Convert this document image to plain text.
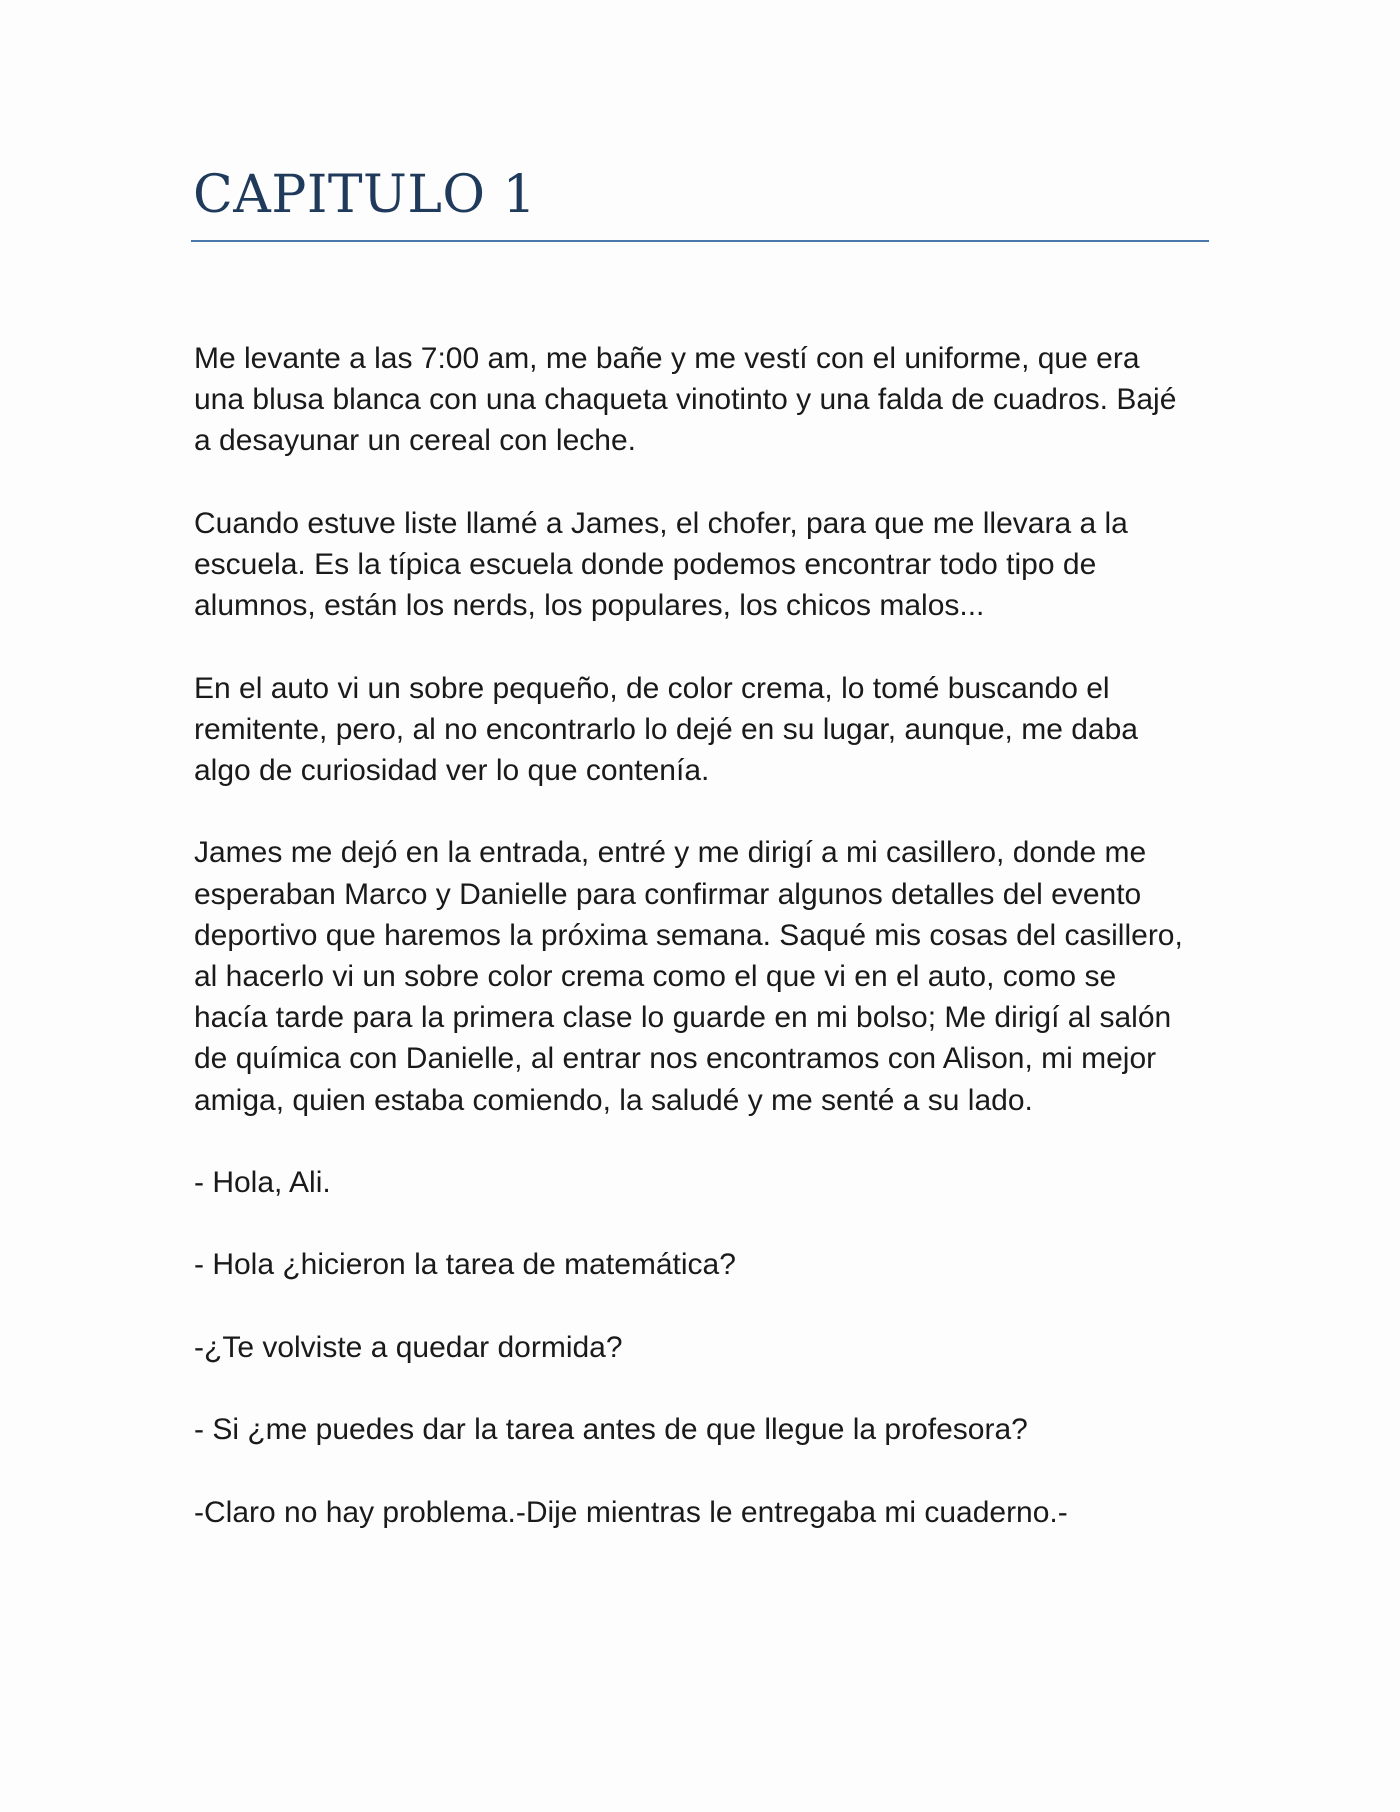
CAPITULO 1

Me levante a las 7:00 am, me bañe y me vestí con el uniforme, que era una blusa blanca con una chaqueta vinotinto y una falda de cuadros. Bajé a desayunar un cereal con leche.

Cuando estuve liste llamé a James, el chofer, para que me llevara a la escuela. Es la típica escuela donde podemos encontrar todo tipo de alumnos, están los nerds, los populares, los chicos malos...

En el auto vi un sobre pequeño, de color crema, lo tomé buscando el remitente, pero, al no encontrarlo lo dejé en su lugar, aunque, me daba algo de curiosidad ver lo que contenía.

James me dejó en la entrada, entré y me dirigí a mi casillero, donde me esperaban Marco y Danielle para confirmar algunos detalles del evento deportivo que haremos la próxima semana. Saqué mis cosas del casillero, al hacerlo vi un sobre color crema como el que vi en el auto, como se hacía tarde para la primera clase lo guarde en mi bolso; Me dirigí al salón de química con Danielle, al entrar nos encontramos con Alison, mi mejor amiga, quien estaba comiendo, la saludé y me senté a su lado.

- Hola, Ali.

- Hola ¿hicieron la tarea de matemática?

-¿Te volviste a quedar dormida?

- Si ¿me puedes dar la tarea antes de que llegue la profesora?

-Claro no hay problema.-Dije mientras le entregaba mi cuaderno.-
